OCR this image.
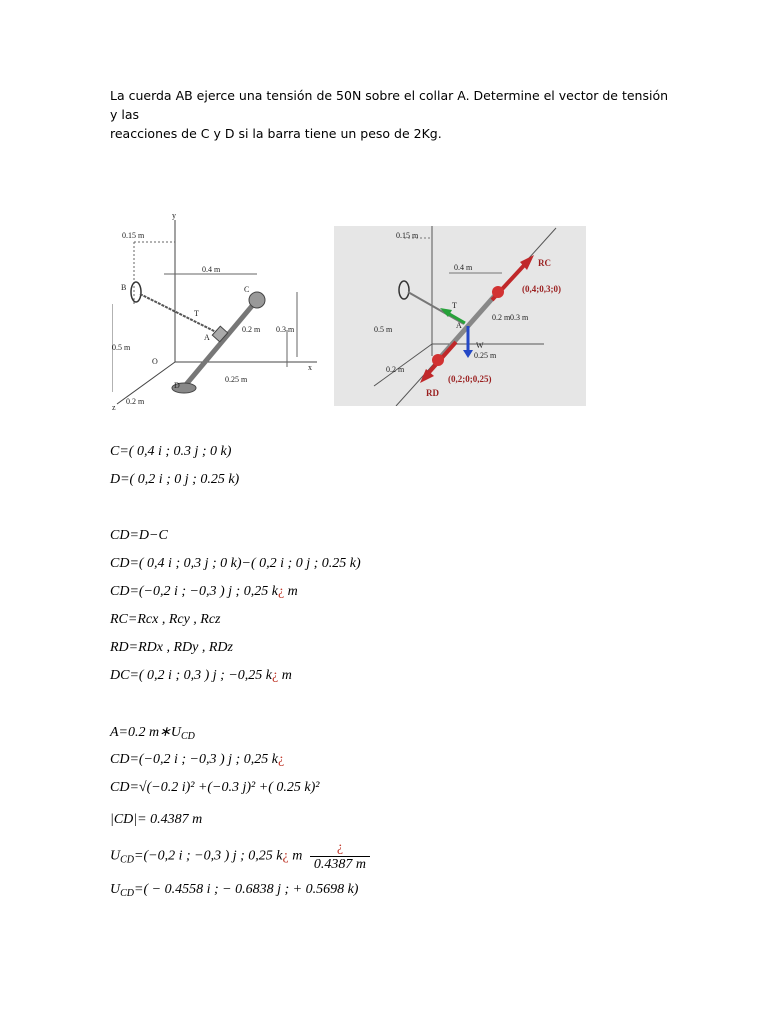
La cuerda AB ejerce una tensión de 50N sobre el collar A. Determine el vector de tensión y las
reacciones de C y D si la barra tiene un peso de 2Kg.
y
0.15 m
B
0.4 m
C
T
A
0.2 m 0.3 m
0.5 m
O
x
D
0.25 m
0.2 m
z
0.15 m
0.4 m	RC
(0,4;0,3;0)
T
A
0.2 m 0.3 m
0.5 m
W
0.25 m
RD
(0,2;0;0,25)
0.2 m
C=( 0,4 i ; 0.3 j ; 0 k)
D=( 0,2 i ; 0 j ; 0.25 k)
CD=D−C
CD=( 0,4 i ; 0,3 j ; 0 k)−( 0,2 i ; 0 j ; 0.25 k)
CD=(−0,2 i ; −0,3 ) j ; 0,25 k¿ m
RC=Rcx , Rcy , Rcz
RD=RDx , RDy , RDz
DC=( 0,2 i ; 0,3 ) j ; −0,25 k¿ m
A=0.2 $m∗U_{CD}$
CD=(−0,2 i ; −0,3 ) j ; 0,25 k¿
CD=√(−0.2 i)² +(−0.3 j)² +( 0.25 k)²
|CD|= 0.4387 m
$U_{CD}=(-0,2$ i ; −0,3 ) j ; 0,25 k¿ m $\frac{¿}{0.4387 m}$
$U_{CD}=( - 0.4558$ i ; − 0.6838 j ; + 0.5698 k)
